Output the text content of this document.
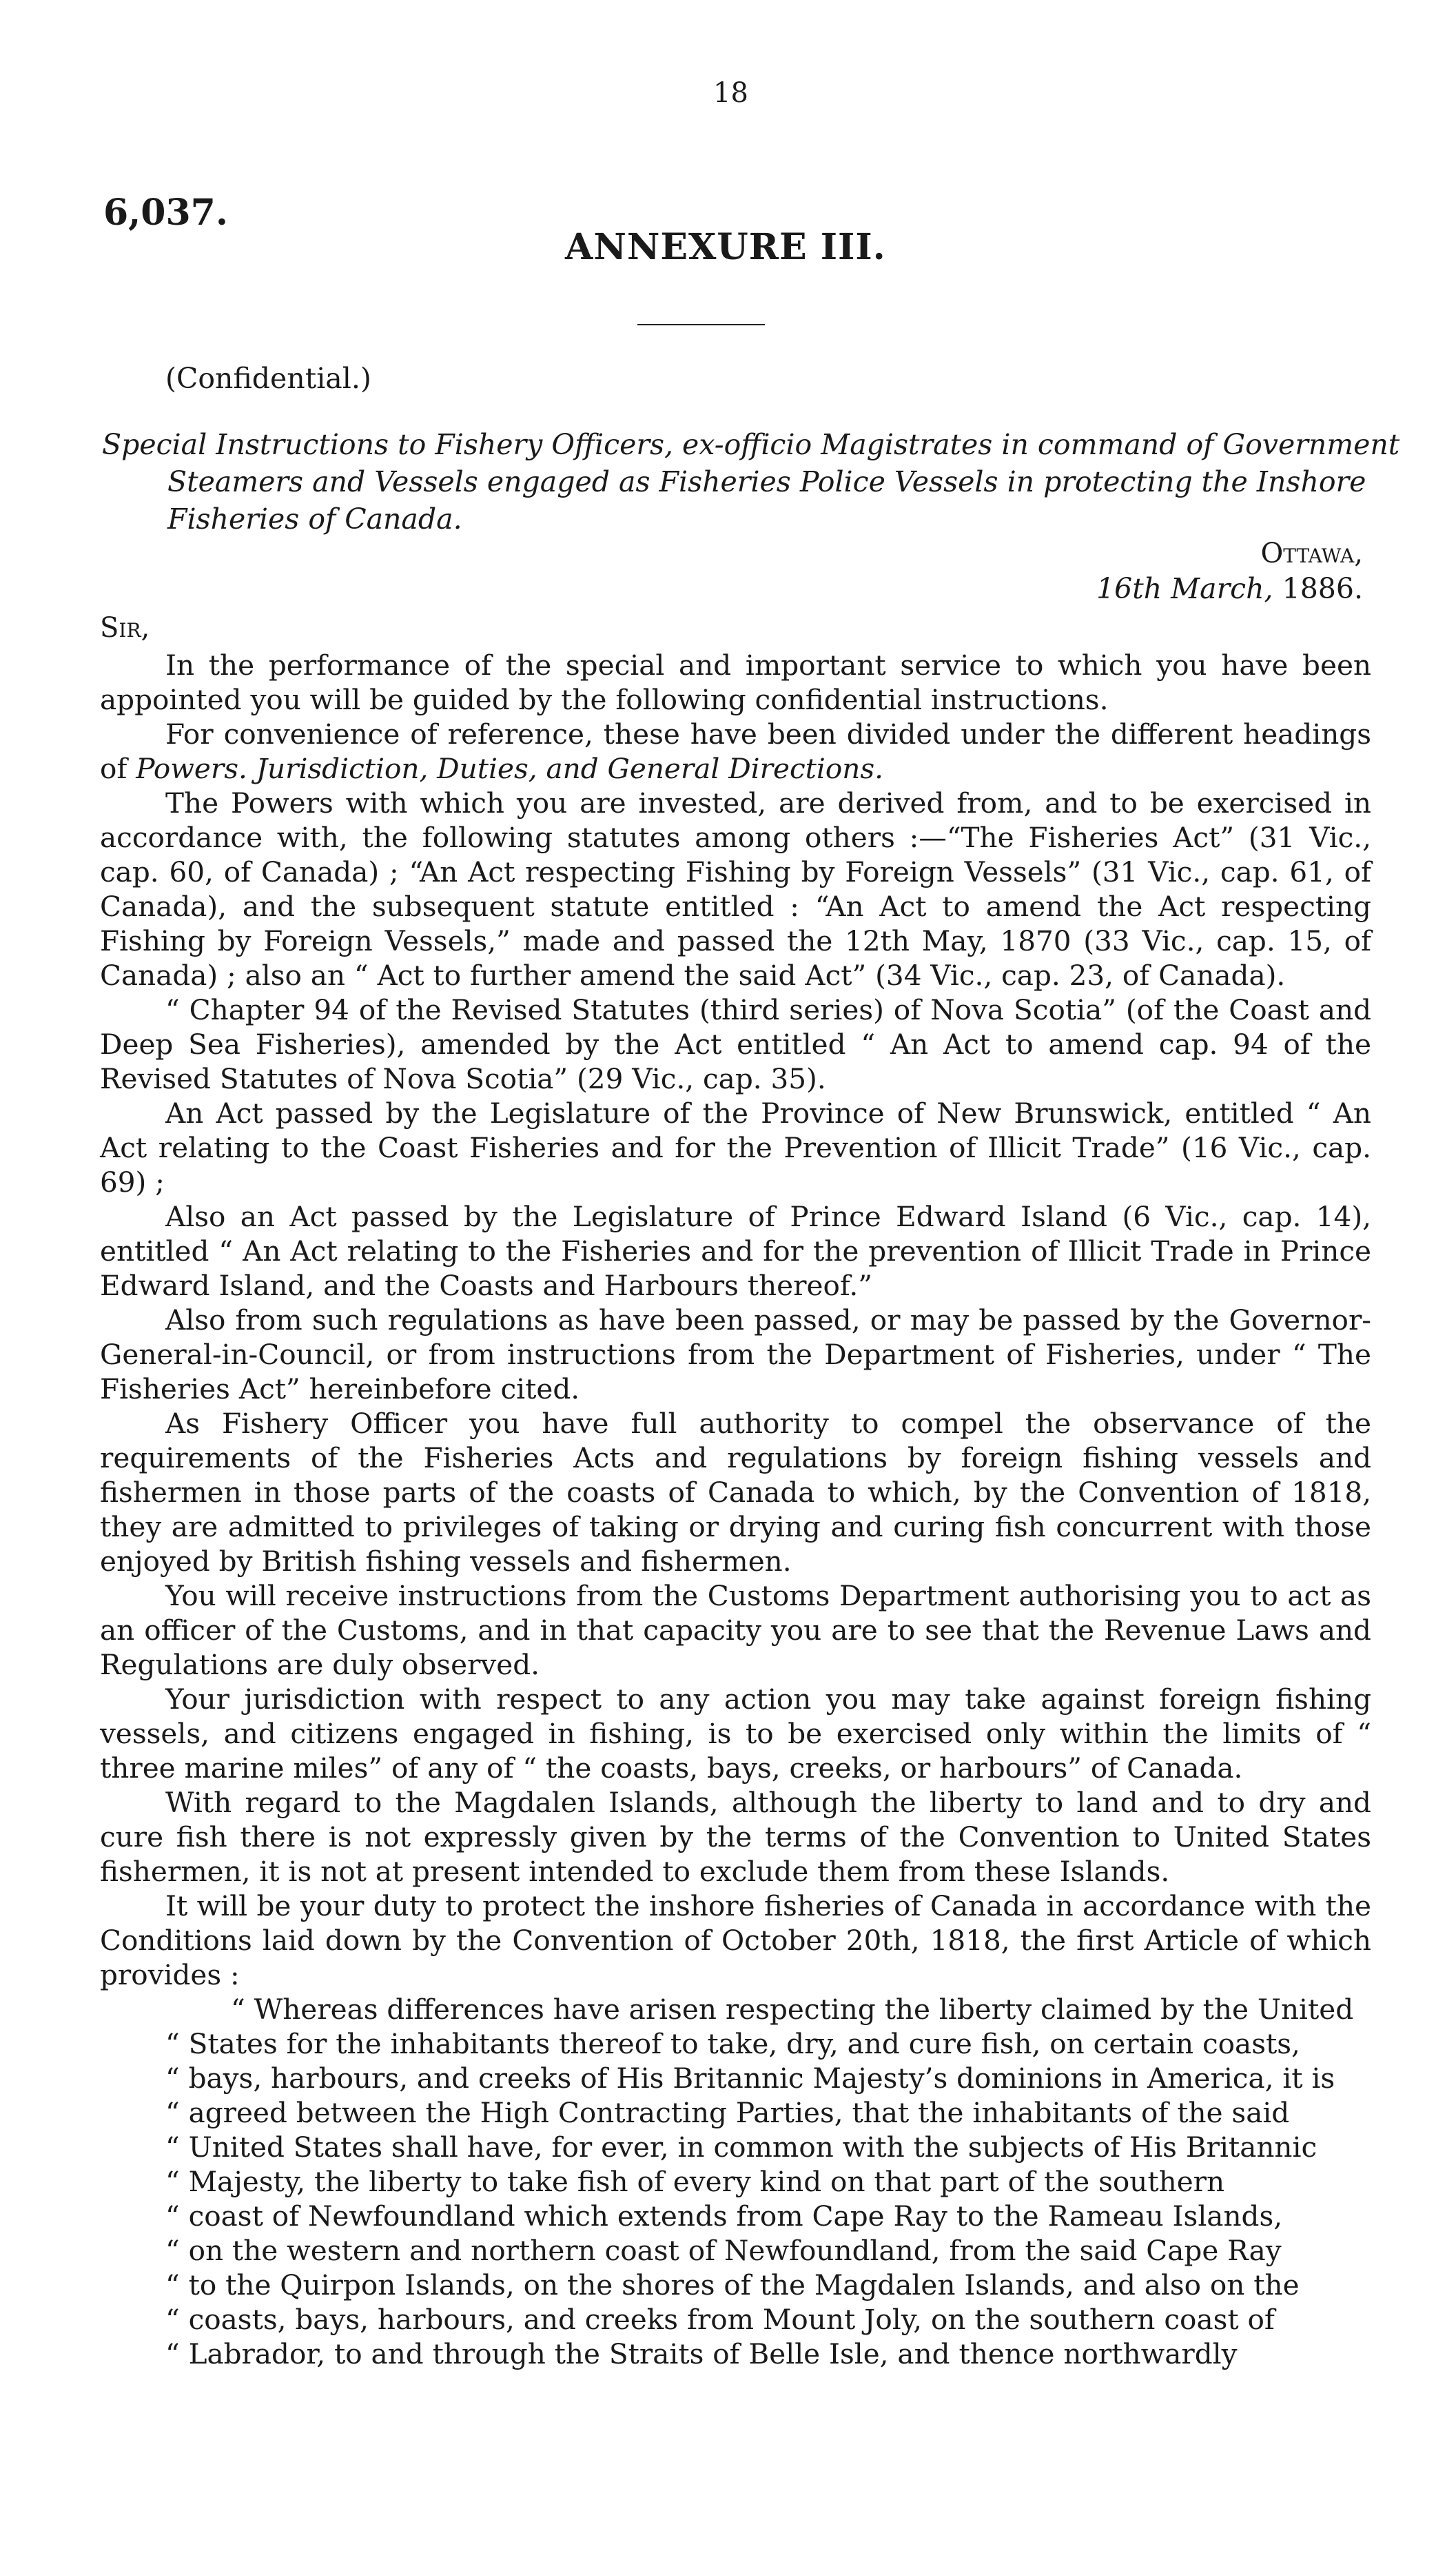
18
6,037.
ANNEXURE III.
(Confidential.)
Special Instructions to Fishery Officers, ex-officio Magistrates in command of Government
Steamers and Vessels engaged as Fisheries Police Vessels in protecting the Inshore
Fisheries of Canada.
Ottawa,
16th March, 1886.
Sir,

In the performance of the special and important service to which you have been appointed you will be guided by the following confidential instructions.

For convenience of reference, these have been divided under the different headings of Powers. Jurisdiction, Duties, and General Directions.

The Powers with which you are invested, are derived from, and to be exercised in accordance with, the following statutes among others :—“The Fisheries Act” (31 Vic., cap. 60, of Canada) ; “An Act respecting Fishing by Foreign Vessels” (31 Vic., cap. 61, of Canada), and the subsequent statute entitled : “An Act to amend the Act respecting Fishing by Foreign Vessels,” made and passed the 12th May, 1870 (33 Vic., cap. 15, of Canada) ; also an “ Act to further amend the said Act” (34 Vic., cap. 23, of Canada).

“ Chapter 94 of the Revised Statutes (third series) of Nova Scotia” (of the Coast and Deep Sea Fisheries), amended by the Act entitled “ An Act to amend cap. 94 of the Revised Statutes of Nova Scotia” (29 Vic., cap. 35).

An Act passed by the Legislature of the Province of New Brunswick, entitled “ An Act relating to the Coast Fisheries and for the Prevention of Illicit Trade” (16 Vic., cap. 69) ;

Also an Act passed by the Legislature of Prince Edward Island (6 Vic., cap. 14), entitled “ An Act relating to the Fisheries and for the prevention of Illicit Trade in Prince Edward Island, and the Coasts and Harbours thereof.”

Also from such regulations as have been passed, or may be passed by the Governor-General-in-Council, or from instructions from the Department of Fisheries, under “ The Fisheries Act” hereinbefore cited.

As Fishery Officer you have full authority to compel the observance of the requirements of the Fisheries Acts and regulations by foreign fishing vessels and fishermen in those parts of the coasts of Canada to which, by the Convention of 1818, they are admitted to privileges of taking or drying and curing fish concurrent with those enjoyed by British fishing vessels and fishermen.

You will receive instructions from the Customs Department authorising you to act as an officer of the Customs, and in that capacity you are to see that the Revenue Laws and Regulations are duly observed.

Your jurisdiction with respect to any action you may take against foreign fishing vessels, and citizens engaged in fishing, is to be exercised only within the limits of “ three marine miles” of any of “ the coasts, bays, creeks, or harbours” of Canada.

With regard to the Magdalen Islands, although the liberty to land and to dry and cure fish there is not expressly given by the terms of the Convention to United States fishermen, it is not at present intended to exclude them from these Islands.

It will be your duty to protect the inshore fisheries of Canada in accordance with the Conditions laid down by the Convention of October 20th, 1818, the first Article of which provides :

“ Whereas differences have arisen respecting the liberty claimed by the United
“ States for the inhabitants thereof to take, dry, and cure fish, on certain coasts,
“ bays, harbours, and creeks of His Britannic Majesty’s dominions in America, it is
“ agreed between the High Contracting Parties, that the inhabitants of the said
“ United States shall have, for ever, in common with the subjects of His Britannic
“ Majesty, the liberty to take fish of every kind on that part of the southern
“ coast of Newfoundland which extends from Cape Ray to the Rameau Islands,
“ on the western and northern coast of Newfoundland, from the said Cape Ray
“ to the Quirpon Islands, on the shores of the Magdalen Islands, and also on the
“ coasts, bays, harbours, and creeks from Mount Joly, on the southern coast of
“ Labrador, to and through the Straits of Belle Isle, and thence northwardly
